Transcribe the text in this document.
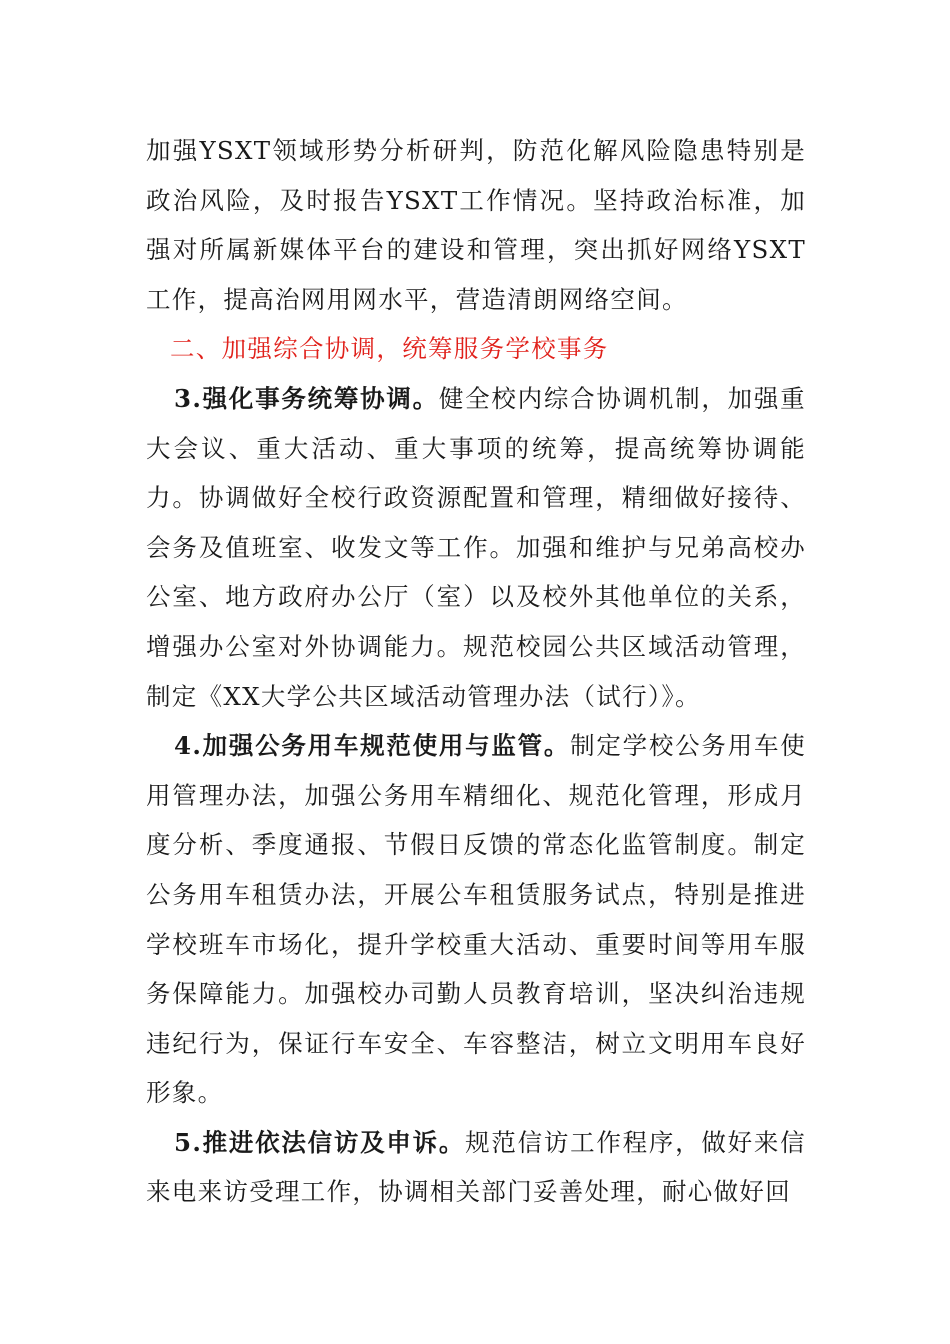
加强YSXT领域形势分析研判，防范化解风险隐患特别是政治风险，及时报告YSXT工作情况。坚持政治标准，加强对所属新媒体平台的建设和管理，突出抓好网络YSXT工作，提高治网用网水平，营造清朗网络空间。

二、加强综合协调，统筹服务学校事务

3.强化事务统筹协调。健全校内综合协调机制，加强重大会议、重大活动、重大事项的统筹，提高统筹协调能力。协调做好全校行政资源配置和管理，精细做好接待、会务及值班室、收发文等工作。加强和维护与兄弟高校办公室、地方政府办公厅（室）以及校外其他单位的关系，增强办公室对外协调能力。规范校园公共区域活动管理，制定《XX大学公共区域活动管理办法（试行）》。

4.加强公务用车规范使用与监管。制定学校公务用车使用管理办法，加强公务用车精细化、规范化管理，形成月度分析、季度通报、节假日反馈的常态化监管制度。制定公务用车租赁办法，开展公车租赁服务试点，特别是推进学校班车市场化，提升学校重大活动、重要时间等用车服务保障能力。加强校办司勤人员教育培训，坚决纠治违规违纪行为，保证行车安全、车容整洁，树立文明用车良好形象。

5.推进依法信访及申诉。规范信访工作程序，做好来信来电来访受理工作，协调相关部门妥善处理，耐心做好回
